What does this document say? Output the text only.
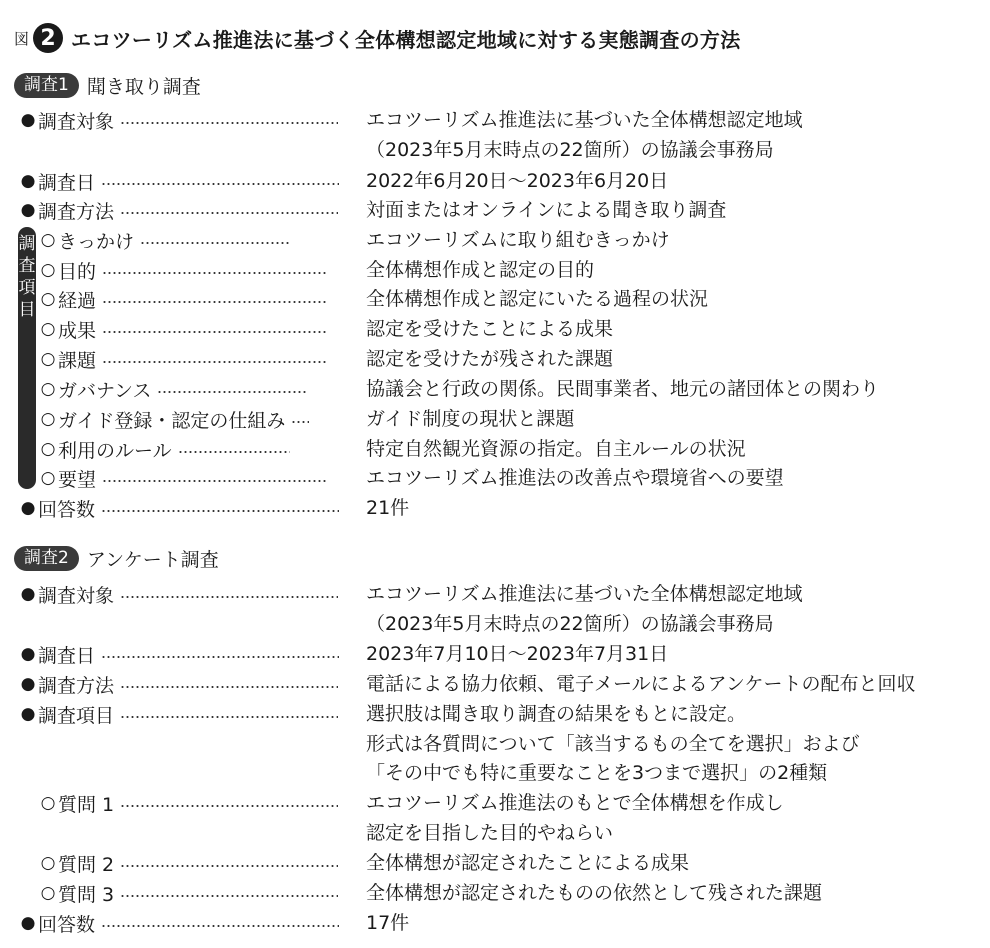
図 2 エコツーリズム推進法に基づく全体構想認定地域に対する実態調査の方法
調査1 聞き取り調査
調
査
項
目
● 調査対象	エコツーリズム推進法に基づいた全体構想認定地域
（2023年5月末時点の22箇所）の協議会事務局
● 調査日	2022年6月20日～2023年6月20日
● 調査方法	対面またはオンラインによる聞き取り調査
○ きっかけ	エコツーリズムに取り組むきっかけ
○ 目的	全体構想作成と認定の目的
○ 経過	全体構想作成と認定にいたる過程の状況
○ 成果	認定を受けたことによる成果
○ 課題	認定を受けたが残された課題
○ ガバナンス	協議会と行政の関係。民間事業者、地元の諸団体との関わり
○ ガイド登録・認定の仕組み	ガイド制度の現状と課題
○ 利用のルール	特定自然観光資源の指定。自主ルールの状況
○ 要望	エコツーリズム推進法の改善点や環境省への要望
● 回答数	21件
調査2 アンケート調査
● 調査対象	エコツーリズム推進法に基づいた全体構想認定地域
（2023年5月末時点の22箇所）の協議会事務局
● 調査日	2023年7月10日～2023年7月31日
● 調査方法	電話による協力依頼、電子メールによるアンケートの配布と回収
● 調査項目	選択肢は聞き取り調査の結果をもとに設定。
形式は各質問について「該当するもの全てを選択」および
「その中でも特に重要なことを3つまで選択」の2種類
○ 質問 1	エコツーリズム推進法のもとで全体構想を作成し
認定を目指した目的やねらい
○ 質問 2	全体構想が認定されたことによる成果
○ 質問 3	全体構想が認定されたものの依然として残された課題
● 回答数	17件
